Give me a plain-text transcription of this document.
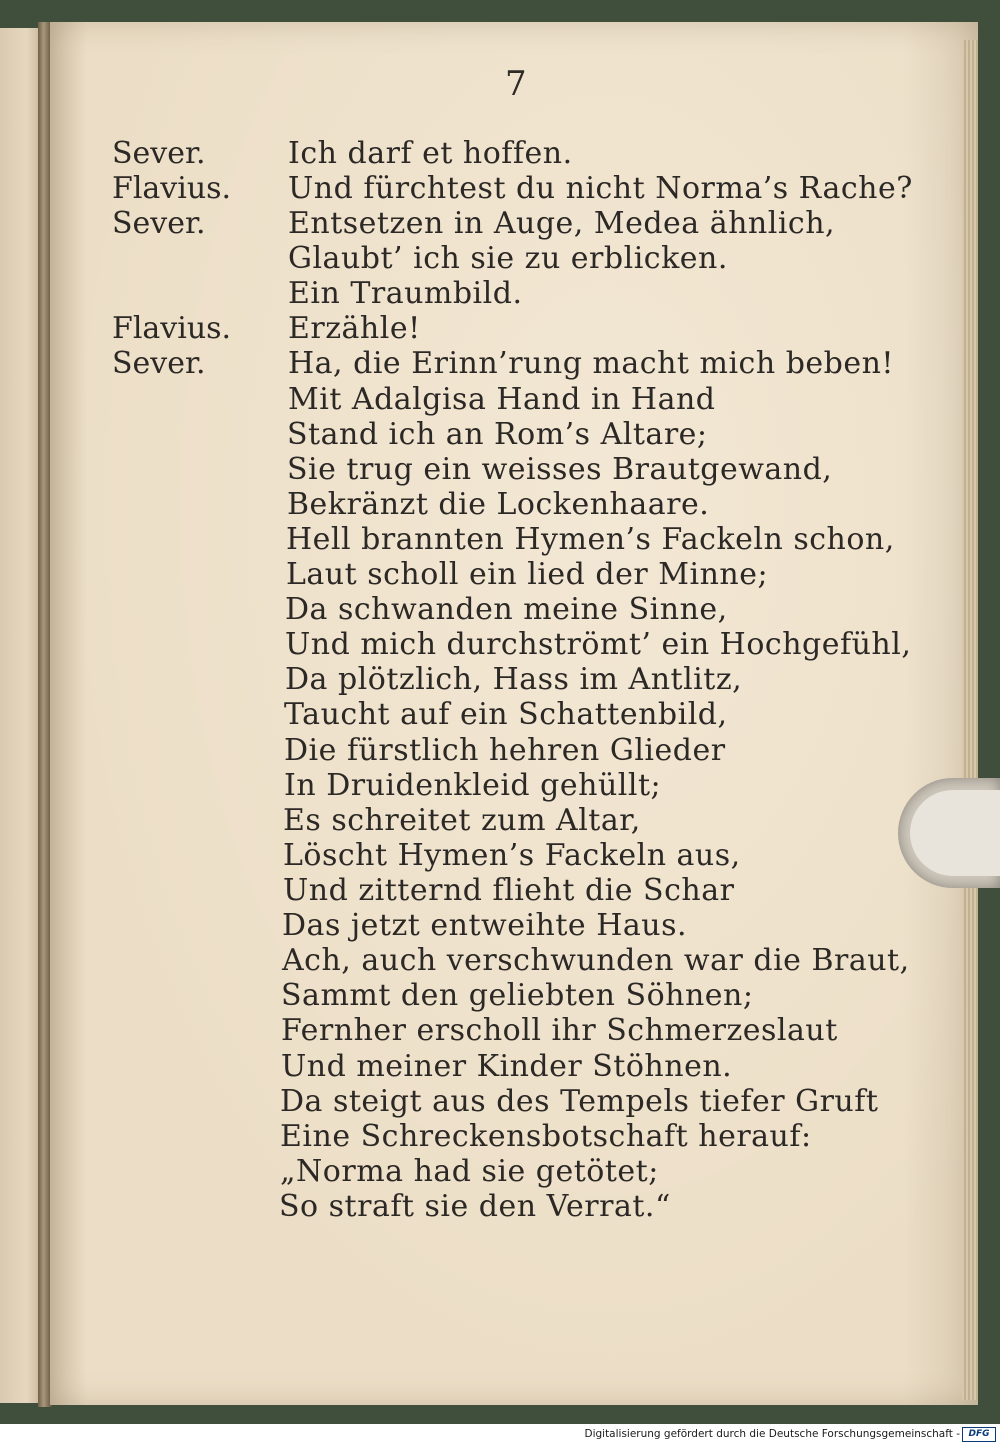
7
Sever.
Flavius.
Sever.
Flavius.
Sever.
Ich darf et hoffen.
Und fürchtest du nicht Norma’s Rache?
Entsetzen in Auge, Medea ähnlich,
Glaubt’ ich sie zu erblicken.
Ein Traumbild.
Erzähle!
Ha, die Erinn’rung macht mich beben!
Mit Adalgisa Hand in Hand
Stand ich an Rom’s Altare;
Sie trug ein weisses Brautgewand,
Bekränzt die Lockenhaare.
Hell brannten Hymen’s Fackeln schon,
Laut scholl ein lied der Minne;
Da schwanden meine Sinne,
Und mich durchströmt’ ein Hochgefühl,
Da plötzlich, Hass im Antlitz,
Taucht auf ein Schattenbild,
Die fürstlich hehren Glieder
In Druidenkleid gehüllt;
Es schreitet zum Altar,
Löscht Hymen’s Fackeln aus,
Und zitternd flieht die Schar
Das jetzt entweihte Haus.
Ach, auch verschwunden war die Braut,
Sammt den geliebten Söhnen;
Fernher erscholl ihr Schmerzeslaut
Und meiner Kinder Stöhnen.
Da steigt aus des Tempels tiefer Gruft
Eine Schreckensbotschaft herauf:
„Norma had sie getötet;
So straft sie den Verrat.“
Digitalisierung gefördert durch die Deutsche Forschungsgemeinschaft - DFG
